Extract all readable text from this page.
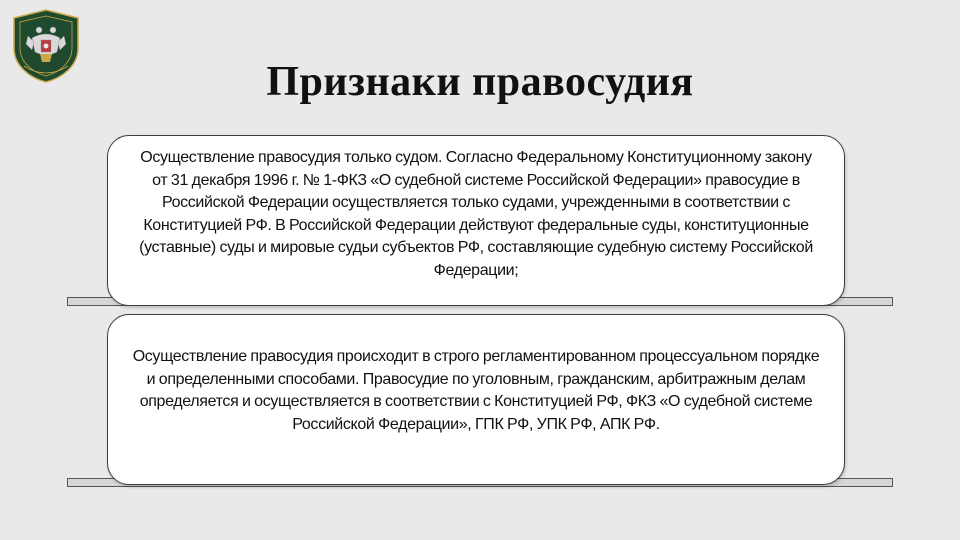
Признаки правосудия
Осуществление правосудия только судом. Согласно Федеральному Конституционному закону от 31 декабря 1996 г. № 1-ФКЗ «О судебной системе Российской Федерации» правосудие в Российской Федерации осуществляется только судами, учрежденными в соответствии с Конституцией РФ. В Российской Федерации действуют федеральные суды, конституционные (уставные) суды и мировые судьи субъектов РФ, составляющие судебную систему Российской Федерации;
Осуществление правосудия происходит в строго регламентированном процессуальном порядке и определенными способами. Правосудие по уголовным, гражданским, арбитражным делам определяется и осуществляется в соответствии с Конституцией РФ, ФКЗ «О судебной системе Российской Федерации», ГПК РФ, УПК РФ, АПК РФ.
